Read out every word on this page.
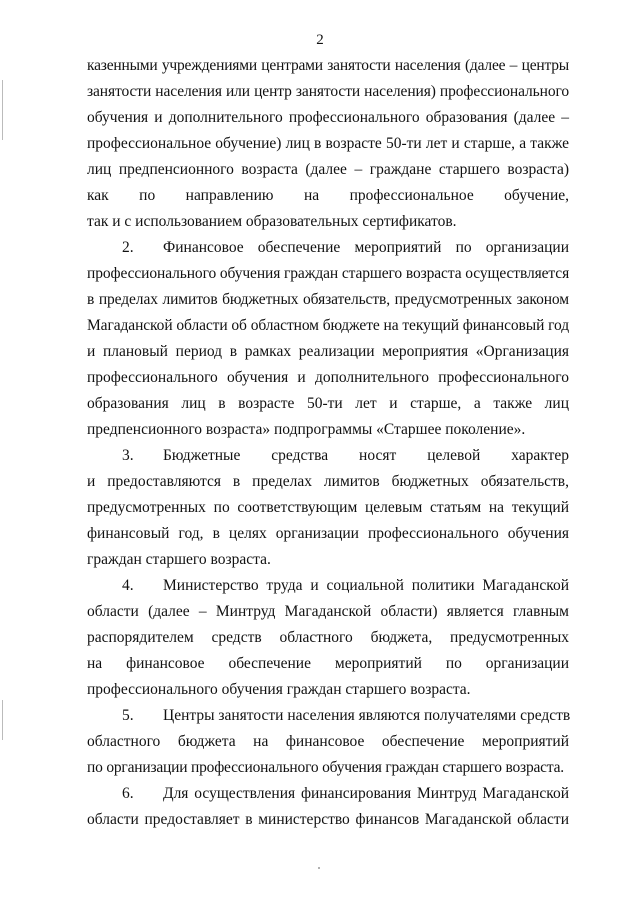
2
казенными учреждениями центрами занятости населения (далее – центры
занятости населения или центр занятости населения) профессионального
обучения и дополнительного профессионального образования (далее –
профессиональное обучение) лиц в возрасте 50-ти лет и старше, а также
лиц предпенсионного возраста (далее – граждане старшего возраста)
как по направлению на профессиональное обучение,
так и с использованием образовательных сертификатов.
2. Финансовое обеспечение мероприятий по организации
профессионального обучения граждан старшего возраста осуществляется
в пределах лимитов бюджетных обязательств, предусмотренных законом
Магаданской области об областном бюджете на текущий финансовый год
и плановый период в рамках реализации мероприятия «Организация
профессионального обучения и дополнительного профессионального
образования лиц в возрасте 50-ти лет и старше, а также лиц
предпенсионного возраста» подпрограммы «Старшее поколение».
3. Бюджетные средства носят целевой характер
и предоставляются в пределах лимитов бюджетных обязательств,
предусмотренных по соответствующим целевым статьям на текущий
финансовый год, в целях организации профессионального обучения
граждан старшего возраста.
4. Министерство труда и социальной политики Магаданской
области (далее – Минтруд Магаданской области) является главным
распорядителем средств областного бюджета, предусмотренных
на финансовое обеспечение мероприятий по организации
профессионального обучения граждан старшего возраста.
5. Центры занятости населения являются получателями средств
областного бюджета на финансовое обеспечение мероприятий
по организации профессионального обучения граждан старшего возраста.
6. Для осуществления финансирования Минтруд Магаданской
области предоставляет в министерство финансов Магаданской области
